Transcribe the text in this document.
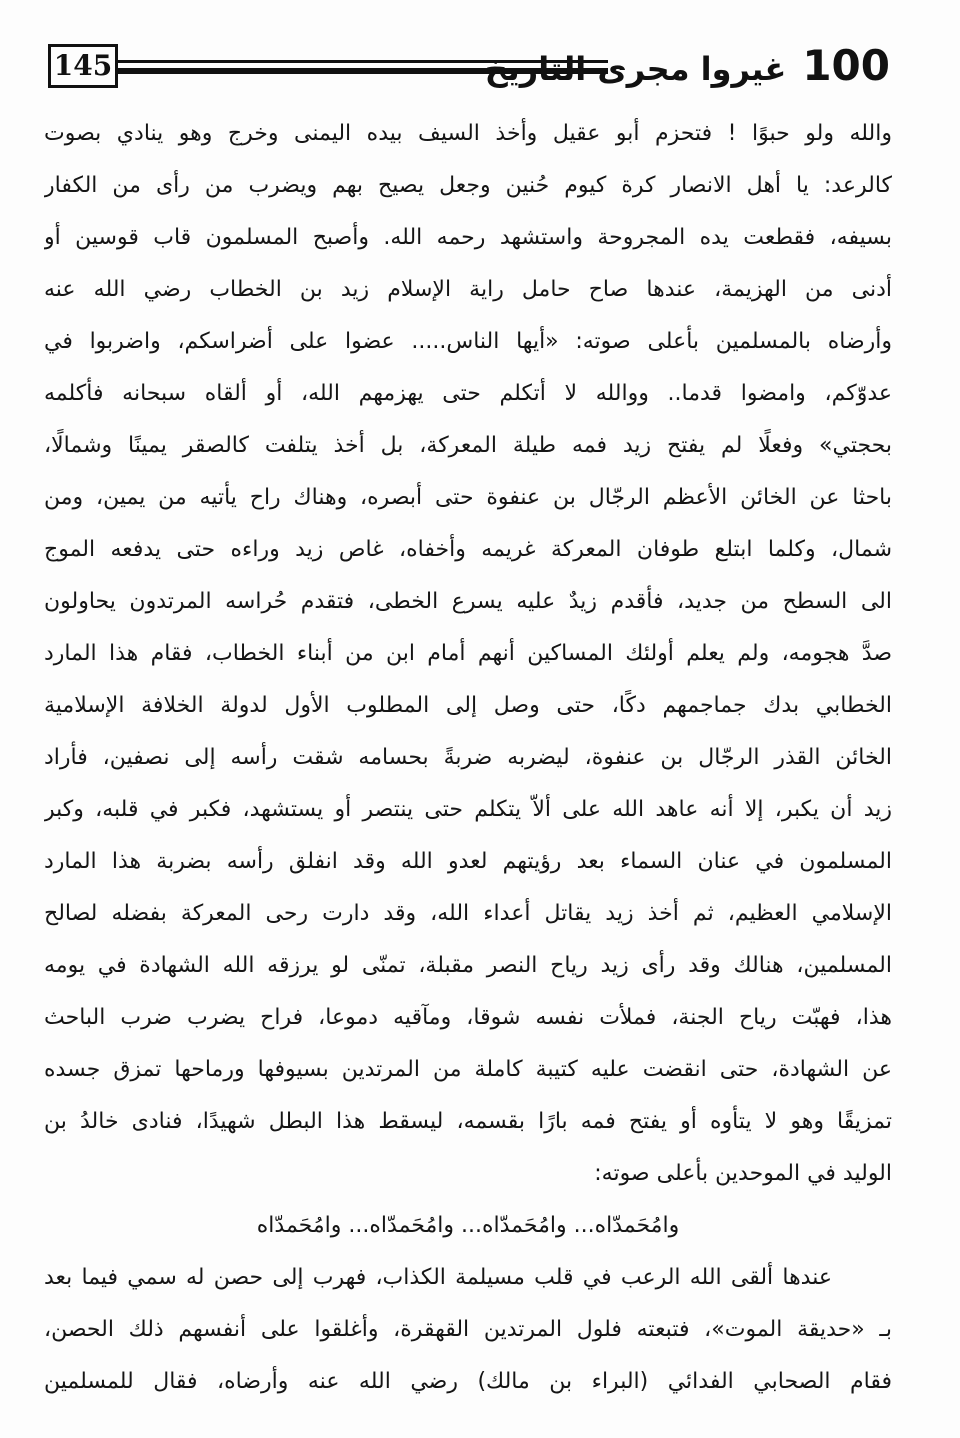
145	100غيروا مجرى التاريخ
والله ولو حبوًا ! فتحزم أبو عقيل وأخذ السيف بيده اليمنى وخرج وهو ينادي بصوت
كالرعد: يا أهل الانصار كرة كيوم حُنين وجعل يصيح بهم ويضرب من رأى من الكفار
بسيفه، فقطعت يده المجروحة واستشهد رحمه الله. وأصبح المسلمون قاب قوسين أو
أدنى من الهزيمة، عندها صاح حامل راية الإسلام زيد بن الخطاب رضي الله عنه
وأرضاه بالمسلمين بأعلى صوته: «أيها الناس..... عضوا على أضراسكم، واضربوا في
عدوّكم، وامضوا قدما.. ووالله لا أتكلم حتى يهزمهم الله، أو ألقاه سبحانه فأكلمه
بحجتي» وفعلًا لم يفتح زيد فمه طيلة المعركة، بل أخذ يتلفت كالصقر يمينًا وشمالًا،
باحثا عن الخائن الأعظم الرجّال بن عنفوة حتى أبصره، وهناك راح يأتيه من يمين، ومن
شمال، وكلما ابتلع طوفان المعركة غريمه وأخفاه، غاص زيد وراءه حتى يدفعه الموج
الى السطح من جديد، فأقدم زيدٌ عليه يسرع الخطى، فتقدم حُراسه المرتدون يحاولون
صدَّ هجومه، ولم يعلم أولئك المساكين أنهم أمام ابن من أبناء الخطاب، فقام هذا المارد
الخطابي بدك جماجمهم دكًا، حتى وصل إلى المطلوب الأول لدولة الخلافة الإسلامية
الخائن القذر الرجّال بن عنفوة، ليضربه ضربةً بحسامه شقت رأسه إلى نصفين، فأراد
زيد أن يكبر، إلا أنه عاهد الله على ألاّ يتكلم حتى ينتصر أو يستشهد، فكبر في قلبه، وكبر
المسلمون في عنان السماء بعد رؤيتهم لعدو الله وقد انفلق رأسه بضربة هذا المارد
الإسلامي العظيم، ثم أخذ زيد يقاتل أعداء الله، وقد دارت رحى المعركة بفضله لصالح
المسلمين، هنالك وقد رأى زيد رياح النصر مقبلة، تمنّى لو يرزقه الله الشهادة في يومه
هذا، فهبّت رياح الجنة، فملأت نفسه شوقا، ومآقيه دموعا، فراح يضرب ضرب الباحث
عن الشهادة، حتى انقضت عليه كتيبة كاملة من المرتدين بسيوفها ورماحها تمزق جسده
تمزيقًا وهو لا يتأوه أو يفتح فمه بارًا بقسمه، ليسقط هذا البطل شهيدًا، فنادى خالدُ بن
الوليد في الموحدين بأعلى صوته:
وامُحَمدّاه... وامُحَمدّاه... وامُحَمدّاه... وامُحَمدّاه
عندها ألقى الله الرعب في قلب مسيلمة الكذاب، فهرب إلى حصن له سمي فيما بعد
بـ «حديقة الموت»، فتبعته فلول المرتدين القهقرة، وأغلقوا على أنفسهم ذلك الحصن،
فقام الصحابي الفدائي (البراء بن مالك) رضي الله عنه وأرضاه، فقال للمسلمين
